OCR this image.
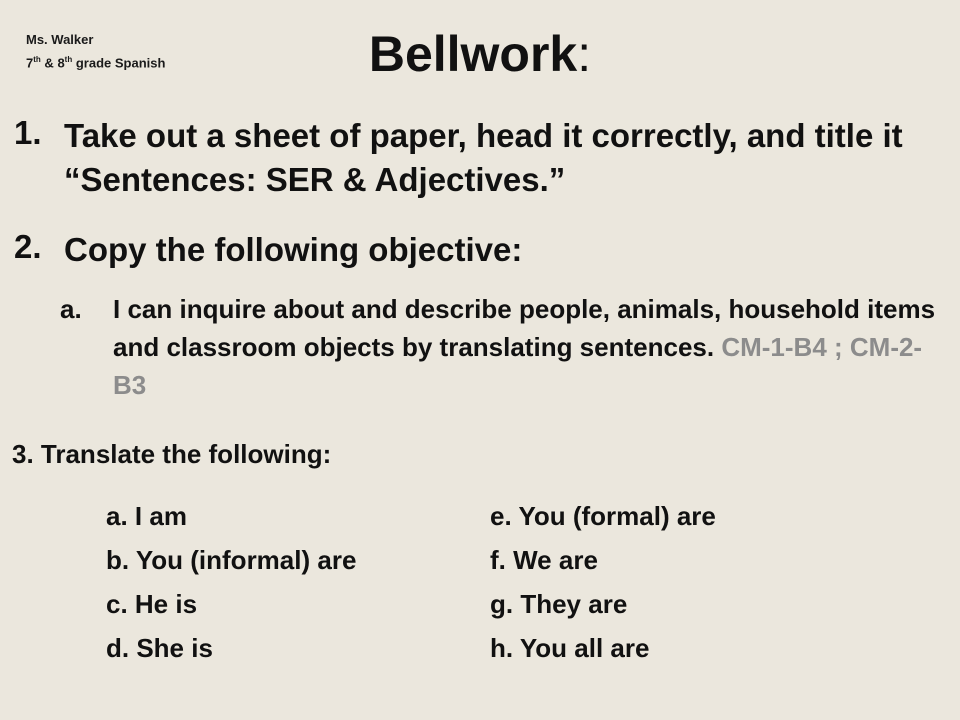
Ms. Walker
7th & 8th grade Spanish	Bellwork:
1. Take out a sheet of paper, head it correctly, and title it “Sentences: SER & Adjectives.”
2. Copy the following objective:
a. I can inquire about and describe people, animals, household items and classroom objects by translating sentences. CM-1-B4 ; CM-2-B3
3. Translate the following:
a. I am
b. You (informal) are
c. He is
d. She is
e. You (formal) are
f. We are
g. They are
h. You all are
